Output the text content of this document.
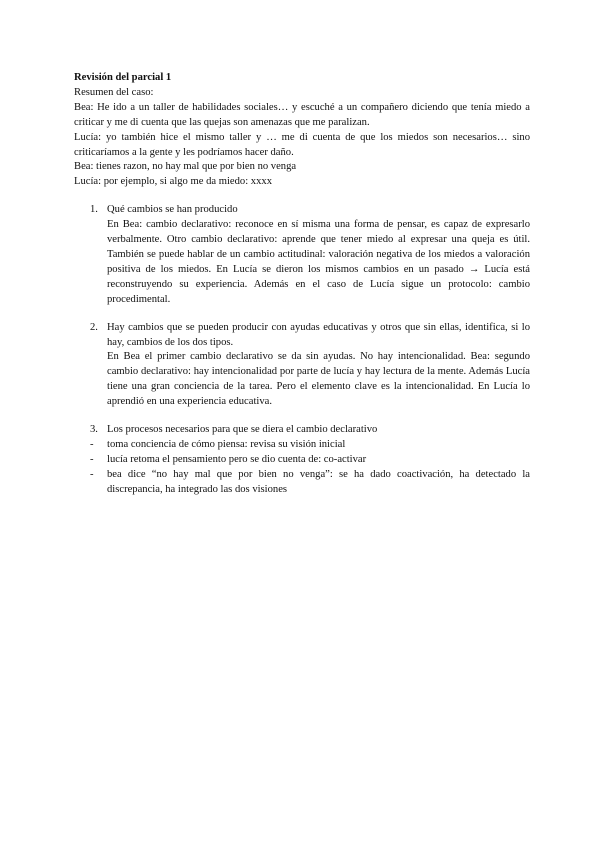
Revisión del parcial 1
Resumen del caso:
Bea: He ido a un taller de habilidades sociales… y escuché a un compañero diciendo que tenía miedo a criticar y me di cuenta que las quejas son amenazas que me paralizan.
Lucía: yo también hice el mismo taller y … me di cuenta de que los miedos son necesarios… sino criticaríamos a la gente y les podríamos hacer daño.
Bea: tienes razon, no hay mal que por bien no venga
Lucía: por ejemplo, si algo me da miedo: xxxx
1. Qué cambios se han producido
En Bea: cambio declarativo: reconoce en sí misma una forma de pensar, es capaz de expresarlo verbalmente. Otro cambio declarativo: aprende que tener miedo al expresar una queja es útil. También se puede hablar de un cambio actitudinal: valoración negativa de los miedos a valoración positiva de los miedos. En Lucía se dieron los mismos cambios en un pasado → Lucía está reconstruyendo su experiencia. Además en el caso de Lucía sigue un protocolo: cambio procedimental.
2. Hay cambios que se pueden producir con ayudas educativas y otros que sin ellas, identifica, si lo hay, cambios de los dos tipos.
En Bea el primer cambio declarativo se da sin ayudas. No hay intencionalidad. Bea: segundo cambio declarativo: hay intencionalidad por parte de lucía y hay lectura de la mente. Además Lucía tiene una gran conciencia de la tarea. Pero el elemento clave es la intencionalidad. En Lucía lo aprendió en una experiencia educativa.
3. Los procesos necesarios para que se diera el cambio declarativo
- toma conciencia de cómo piensa: revisa su visión inicial
- lucía retoma el pensamiento pero se dio cuenta de: co-activar
- bea dice “no hay mal que por bien no venga”: se ha dado coactivación, ha detectado la discrepancia, ha integrado las dos visiones
